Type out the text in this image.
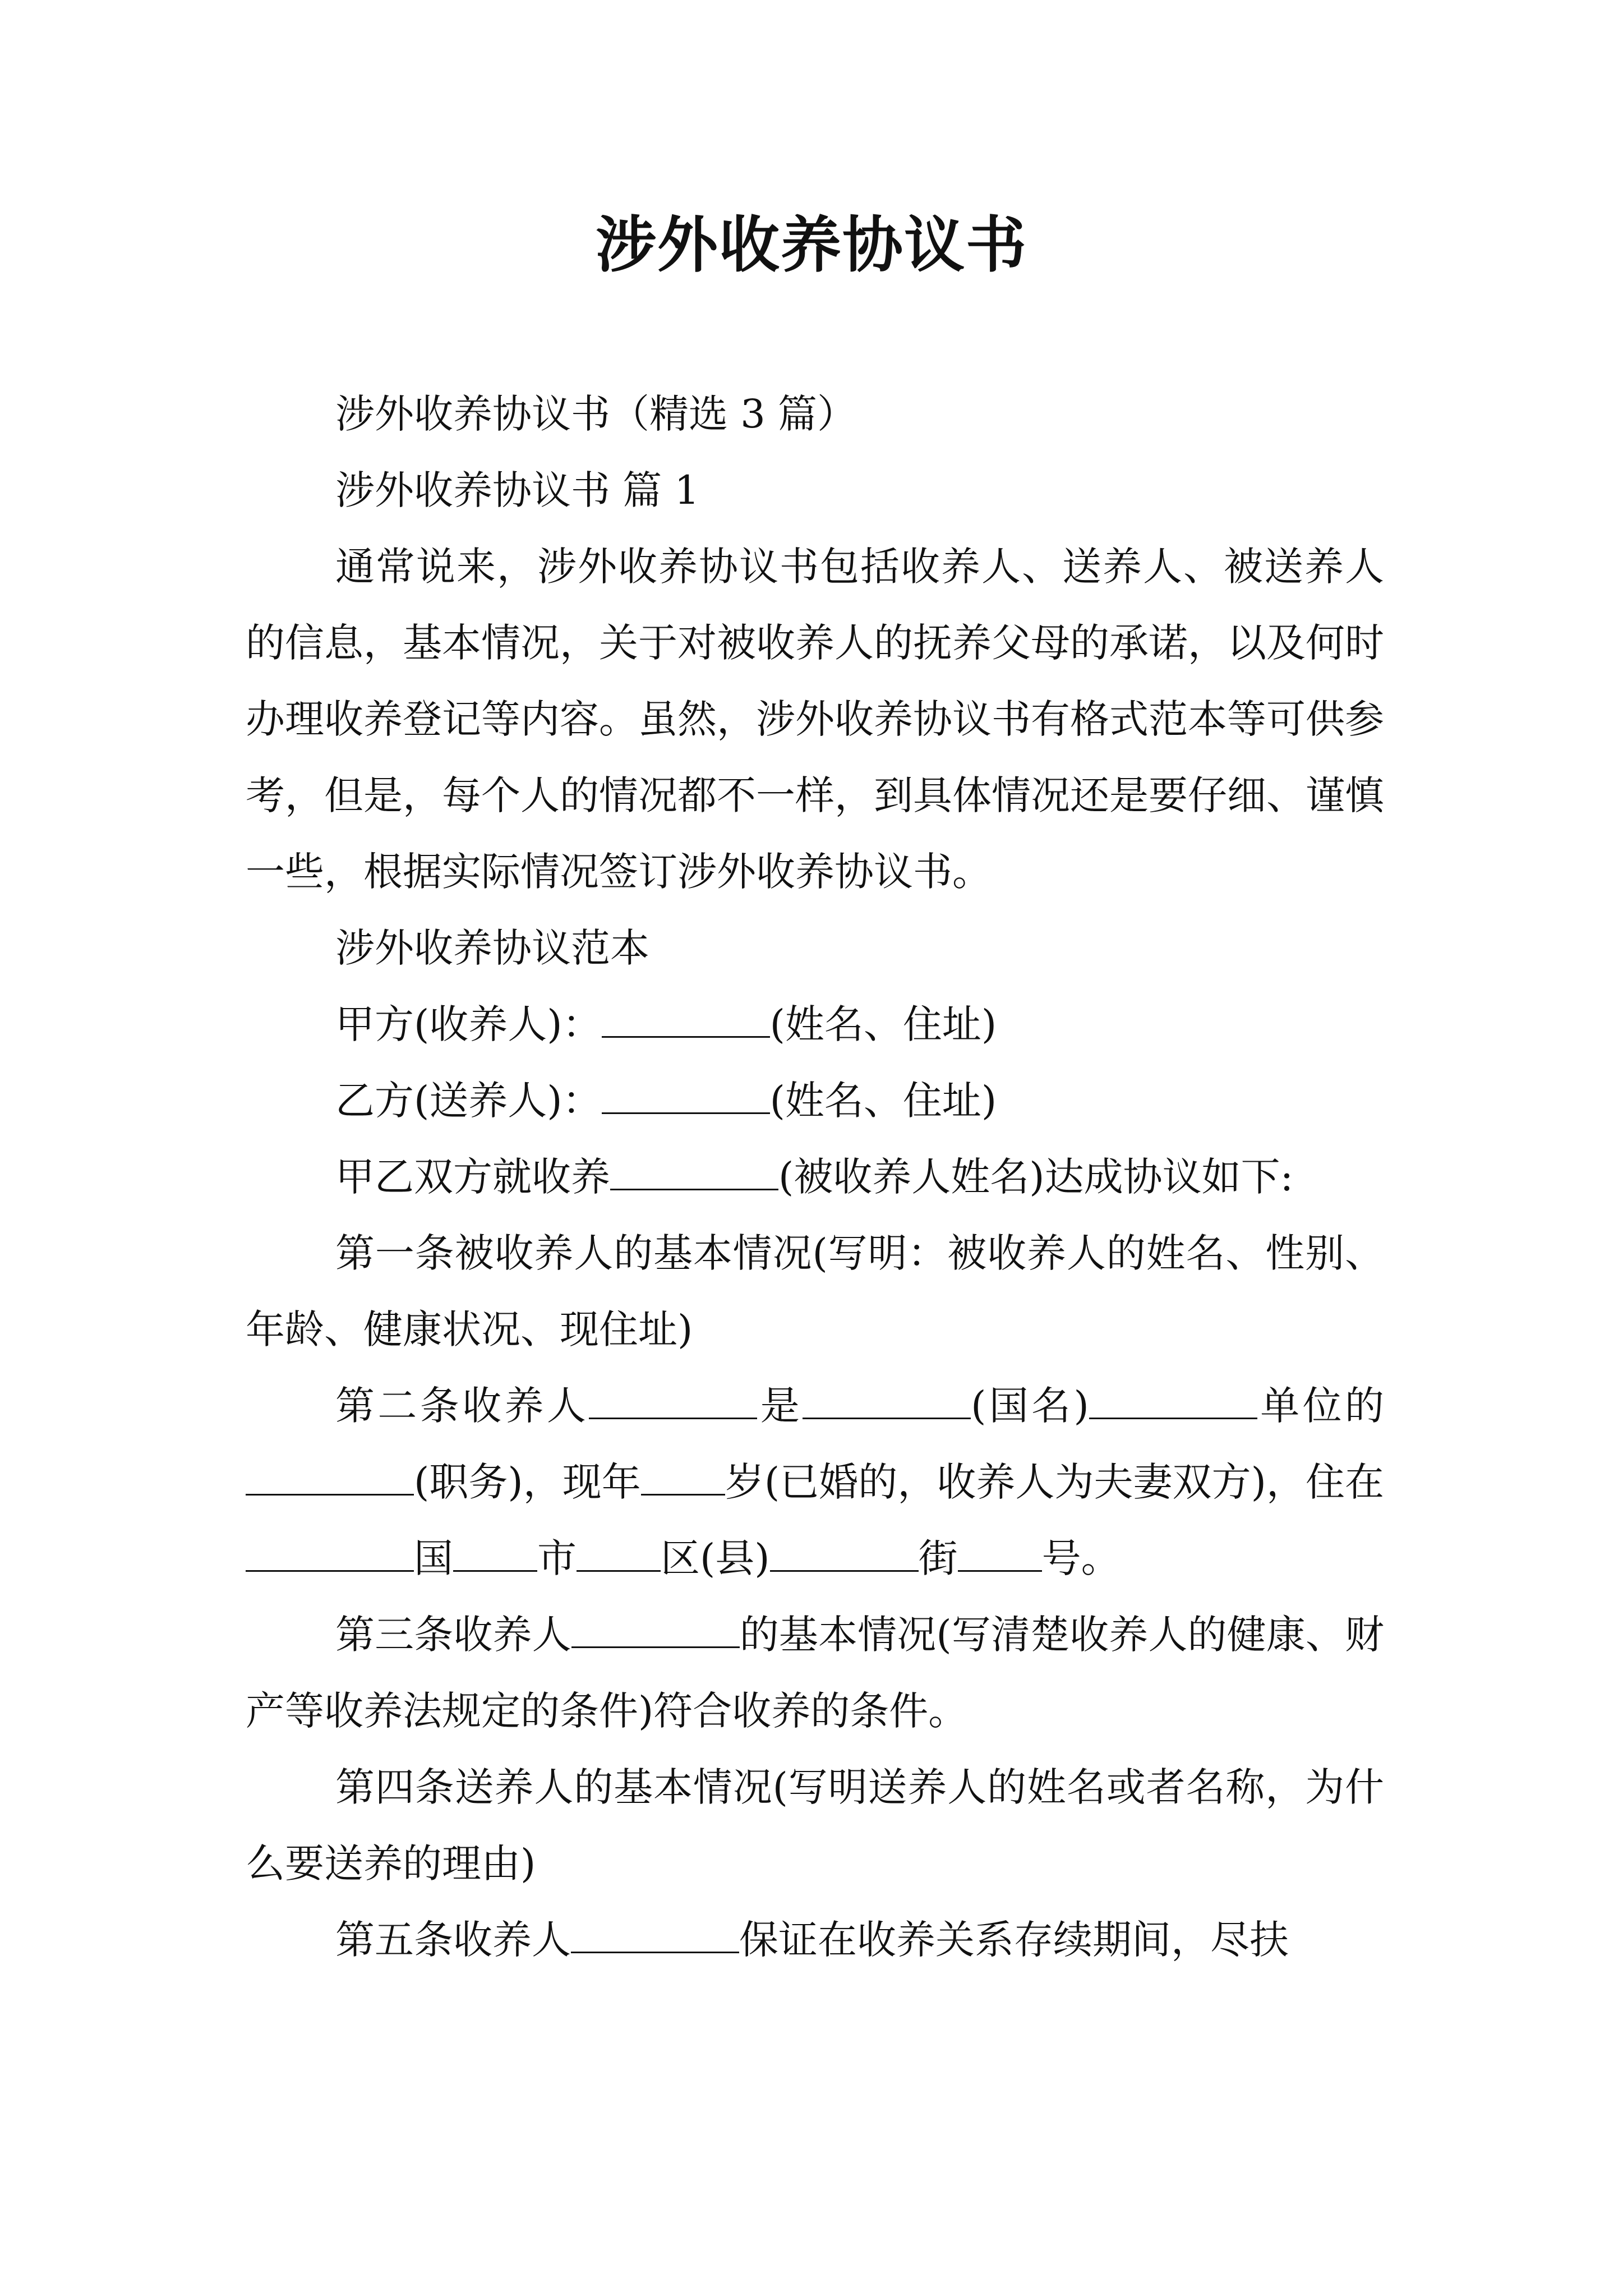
涉外收养协议书

涉外收养协议书（精选 3 篇）

涉外收养协议书 篇 1

通常说来，涉外收养协议书包括收养人、送养人、被送养人的信息，基本情况，关于对被收养人的抚养父母的承诺，以及何时办理收养登记等内容。虽然，涉外收养协议书有格式范本等可供参考，但是，每个人的情况都不一样，到具体情况还是要仔细、谨慎一些，根据实际情况签订涉外收养协议书。

涉外收养协议范本

甲方(收养人)：	(姓名、住址)

乙方(送养人)：	(姓名、住址)

甲乙双方就收养	(被收养人姓名)达成协议如下:

第一条被收养人的基本情况(写明：被收养人的姓名、性别、年龄、健康状况、现住址)

第二条收养人	是	(国名)	单位的(职务)，现年 岁(已婚的，收养人为夫妻双方)，住在国 市 区(县)	街 号。

第三条收养人	的基本情况(写清楚收养人的健康、财产等收养法规定的条件)符合收养的条件。

第四条送养人的基本情况(写明送养人的姓名或者名称，为什么要送养的理由)

第五条收养人	保证在收养关系存续期间，尽扶
